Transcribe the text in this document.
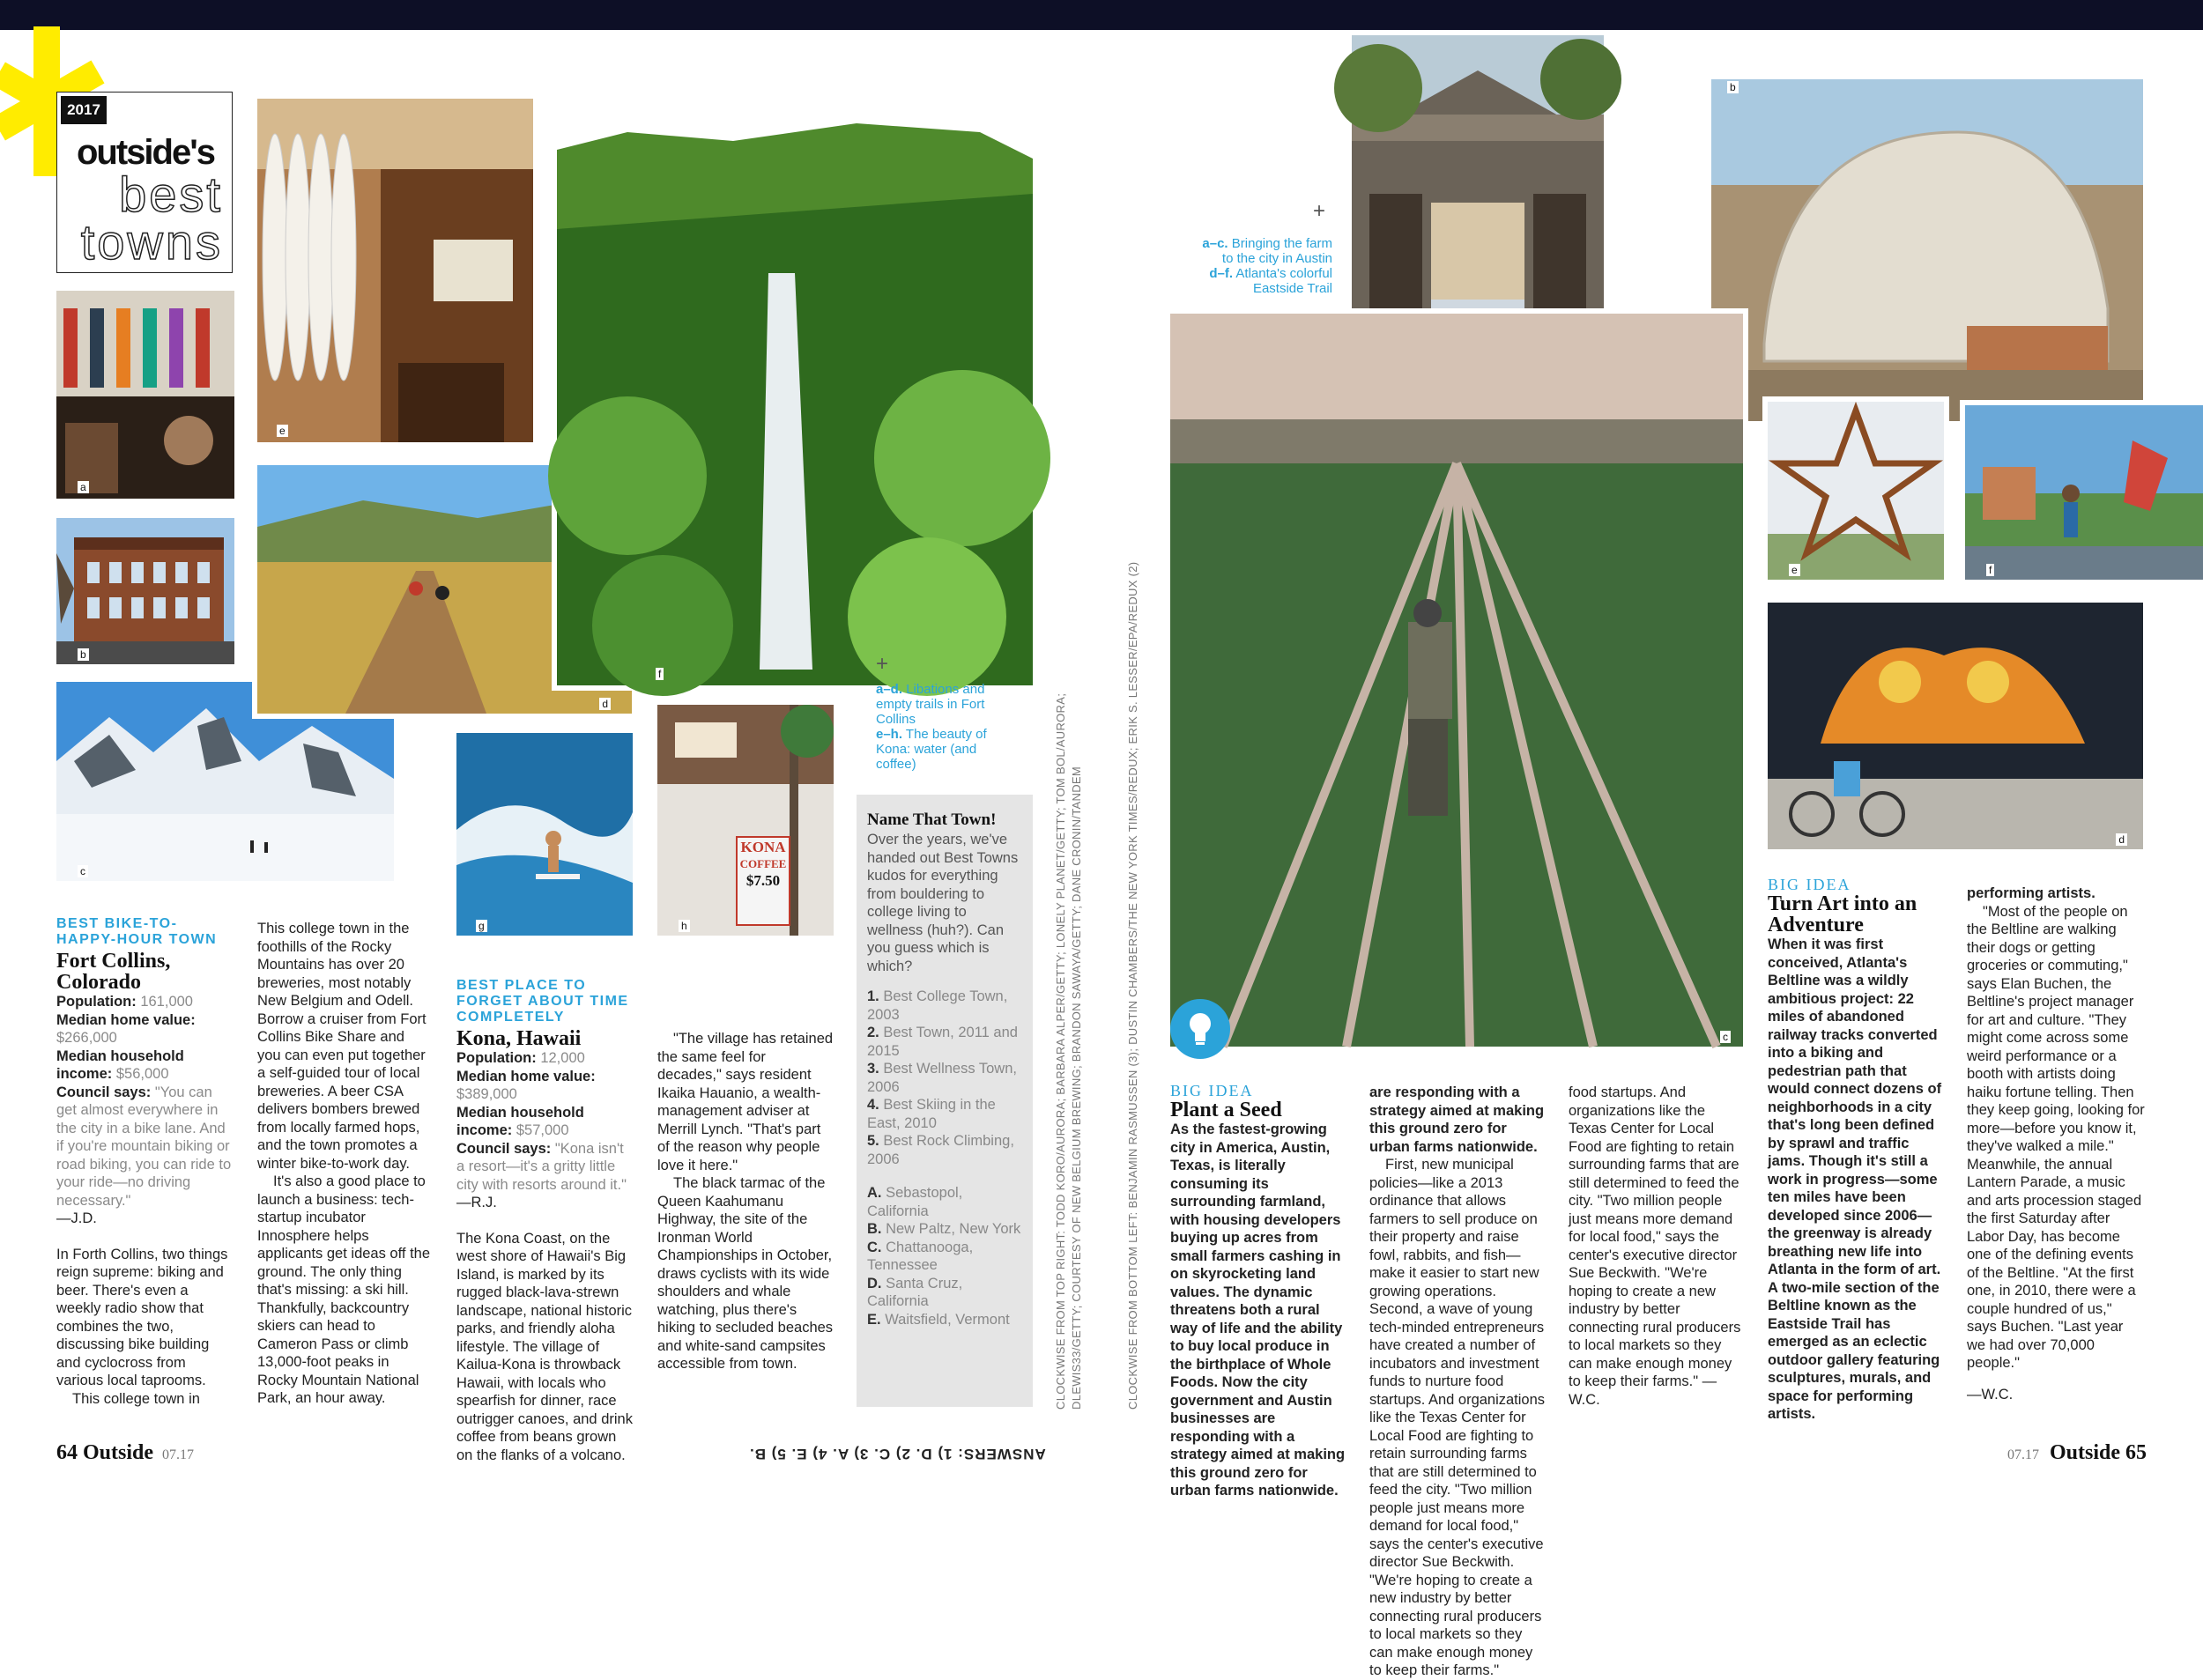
2017
outside's
best
towns
a
b
c
e
d
f
g
KONA
COFFEE
$7.50
h
+
a–d. Libations and empty trails in Fort Collins
e–h. The beauty of Kona: water (and coffee)
BEST BIKE-TO-HAPPY-HOUR TOWN
Fort Collins, Colorado
Population: 161,000
Median home value: $266,000
Median household income: $56,000
Council says: "You can get almost everywhere in the city in a bike lane. And if you're mountain biking or road biking, you can ride to your ride—no driving necessary."
—J.D.

In Forth Collins, two things reign supreme: biking and beer. There's even a weekly radio show that combines the two, discussing bike building and cyclocross from various local taprooms.

This college town in

This college town in the foothills of the Rocky Mountains has over 20 breweries, most notably New Belgium and Odell. Borrow a cruiser from Fort Collins Bike Share and you can even put together a self-guided tour of local breweries. A beer CSA delivers bombers brewed from locally farmed hops, and the town promotes a winter bike-to-work day.

It's also a good place to launch a business: tech-startup incubator Innosphere helps applicants get ideas off the ground. The only thing that's missing: a ski hill. Thankfully, backcountry skiers can head to Cameron Pass or climb 13,000-foot peaks in Rocky Mountain National Park, an hour away.

BEST PLACE TO FORGET ABOUT TIME COMPLETELY
Kona, Hawaii
Population: 12,000
Median home value: $389,000
Median household income: $57,000
Council says: "Kona isn't a resort—it's a gritty little city with resorts around it." —R.J.

The Kona Coast, on the west shore of Hawaii's Big Island, is marked by its rugged black-lava-strewn landscape, national historic parks, and friendly aloha lifestyle. The village of Kailua-Kona is throwback Hawaii, with locals who spearfish for dinner, race outrigger canoes, and drink coffee from beans grown on the flanks of a volcano.

"The village has retained the same feel for decades," says resident Ikaika Hauanio, a wealth-management adviser at Merrill Lynch. "That's part of the reason why people love it here."

The black tarmac of the Queen Kaahumanu Highway, the site of the Ironman World Championships in October, draws cyclists with its wide shoulders and whale watching, plus there's hiking to secluded beaches and white-sand campsites accessible from town.

Name That Town!
Over the years, we've handed out Best Towns kudos for everything from bouldering to college living to wellness (huh?). Can you guess which is which?
1. Best College Town, 2003
2. Best Town, 2011 and 2015
3. Best Wellness Town, 2006
4. Best Skiing in the East, 2010
5. Best Rock Climbing, 2006
A. Sebastopol, California
B. New Paltz, New York
C. Chattanooga, Tennessee
D. Santa Cruz, California
E. Waitsfield, Vermont
ANSWERS: 1) D. 2) C. 3) A. 4) E. 5) B.
CLOCKWISE FROM TOP RIGHT: TODD KORO/AURORA; BARBARA ALPER/GETTY; LONELY PLANET/GETTY; TOM BOL/AURORA; DLEWIS33/GETTY; COURTESY OF NEW BELGIUM BREWING; BRANDON SAWAYA/GETTY; DANE CRONIN/TANDEM	CLOCKWISE FROM BOTTOM LEFT: BENJAMIN RASMUSSEN (3); DUSTIN CHAMBERS/THE NEW YORK TIMES/REDUX; ERIK S. LESSER/EPA/REDUX (2)
b
c
e	f
d
+
a–c. Bringing the farm to the city in Austin
d–f. Atlanta's colorful Eastside Trail
BIG IDEA
Plant a Seed
As the fastest-growing city in America, Austin, Texas, is literally consuming its surrounding farmland, with housing developers buying up acres from small farmers cashing in on skyrocketing land values. The dynamic threatens both a rural way of life and the ability to buy local produce in the birthplace of Whole Foods. Now the city government and Austin businesses are responding with a strategy aimed at making this ground zero for urban farms nationwide.
are responding with a strategy aimed at making this ground zero for urban farms nationwide.

First, new municipal policies—like a 2013 ordinance that allows farmers to sell produce on their property and raise fowl, rabbits, and fish—make it easier to start new growing operations. Second, a wave of young tech-minded entrepreneurs have created a number of incubators and investment funds to nurture food startups. And organizations like the Texas Center for Local Food are fighting to retain surrounding farms that are still determined to feed the city. "Two million people just means more demand for local food," says the center's executive director Sue Beckwith. "We're hoping to create a new industry by better connecting rural producers to local markets so they can make enough money to keep their farms."

food startups. And organizations like the Texas Center for Local Food are fighting to retain surrounding farms that are still determined to feed the city. "Two million people just means more demand for local food," says the center's executive director Sue Beckwith. "We're hoping to create a new industry by better connecting rural producers to local markets so they can make enough money to keep their farms." —W.C.

BIG IDEA
Turn Art into an Adventure
When it was first conceived, Atlanta's Beltline was a wildly ambitious project: 22 miles of abandoned railway tracks converted into a biking and pedestrian path that would connect dozens of neighborhoods in a city that's long been defined by sprawl and traffic jams. Though it's still a work in progress—some ten miles have been developed since 2006—the greenway is already breathing new life into Atlanta in the form of art. A two-mile section of the Beltline known as the Eastside Trail has emerged as an eclectic outdoor gallery featuring sculptures, murals, and space for performing artists.
performing artists.

"Most of the people on the Beltline are walking their dogs or getting groceries or commuting," says Elan Buchen, the Beltline's project manager for art and culture. "They might come across some weird performance or a booth with artists doing haiku fortune telling. Then they keep going, looking for more—before you know it, they've walked a mile." Meanwhile, the annual Lantern Parade, a music and arts procession staged the first Saturday after Labor Day, has become one of the defining events of the Beltline. "At the first one, in 2010, there were a couple hundred of us," says Buchen. "Last year we had over 70,000 people."

—W.C.
64 Outside 07.17	07.17 Outside 65
